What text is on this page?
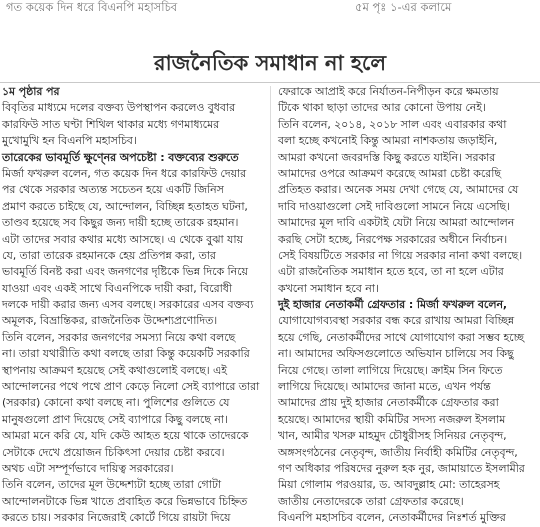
গত কয়েক দিন ধরে বিএনপি মহাসচিব	৫ম পৃঃ ১-এর কলামে
রাজনৈতিক সমাধান না হলে

১ম পৃষ্ঠার পর

বিবৃতির মাধ্যমে দলের বক্তব্য উপস্থাপন করলেও বুধবার

কারফিউ সাত ঘণ্টা শিথিল থাকার মধ্যে গণমাধ্যমের

মুখোমুখি হন বিএনপি মহাসচিব।

তারেকের ভাবমূর্তি ক্ষুণ্নের অপচেষ্টা : বক্তব্যের শুরুতে

মির্জা ফখরুল বলেন, গত কয়েক দিন ধরে কারফিউ দেয়ার

পর থেকে সরকার অত্যন্ত সচেতন হয়ে একটি জিনিস

প্রমাণ করতে চাইছে যে, আন্দোলন, বিচ্ছিন্ন হতাহত ঘটনা,

তাণ্ডব হয়েছে সব কিছুর জন্য দায়ী হচ্ছে তারেক রহমান।

এটা তাদের সবার কথার মধ্যে আসছে। এ থেকে বুঝা যায়

যে, তারা তারেক রহমানকে হেয় প্রতিপন্ন করা, তার

ভাবমূর্তি বিনষ্ট করা এবং জনগণের দৃষ্টিকে ভিন্ন দিকে নিয়ে

যাওয়া এবং একই সাথে বিএনপিকে দায়ী করা, বিরোধী

দলকে দায়ী করার জন্য এসব বলছে। সরকারের এসব বক্তব্য

অমূলক, বিভ্রান্তিকর, রাজনৈতিক উদ্দেশ্যপ্রণোদিত।

তিনি বলেন, সরকার জনগণের সমস্যা নিয়ে কথা বলছে

না। তারা যথারীতি কথা বলছে তারা কিন্তু কয়েকটি সরকারি

স্থাপনায় আক্রমণ হয়েছে সেই কথাগুলোই বলছে। এই

আন্দোলনের পথে পথে প্রাণ কেড়ে নিলো সেই ব্যাপারে তারা

(সরকার) কোনো কথা বলছে না। পুলিশের গুলিতে যে

মানুষগুলো প্রাণ দিয়েছে সেই ব্যাপারে কিছু বলছে না।

আমরা মনে করি যে, যদি কেউ আহত হয়ে থাকে তাদেরকে

সেটাকে দেখে প্রয়োজন চিকিৎসা দেয়ার চেষ্টা করবে।

অথচ এটা সম্পূর্ণভাবে দায়িত্ব সরকারের।

তিনি বলেন, তাদের মূল উদ্দেশ্যটা হচ্ছে তারা গোটা

আন্দোলনটাকে ভিন্ন খাতে প্রবাহিত করে ভিন্নভাবে চিহ্নিত

করতে চায়। সরকার নিজেরাই কোর্টে গিয়ে রায়টা দিয়ে

ফেরাকে আপ্রাই করে নির্যাতন-নিপীড়ন করে ক্ষমতায়

টিকে থাকা ছাড়া তাদের আর কোনো উপায় নেই।

তিনি বলেন, ২০১৪, ২০১৮ সাল এবং এবারকার কথা

বলা হচ্ছে কখনোই কিন্তু আমরা নাশকতায় জড়াইনি,

আমরা কখনো জবরদস্তি কিছু করতে যাইনি। সরকার

আমাদের ওপরে আক্রমণ করেছে আমরা চেষ্টা করেছি

প্রতিহত করার। অনেক সময় দেখা গেছে যে, আমাদের যে

দাবি দাওয়াগুলো সেই দাবিগুলো সামনে নিয়ে এসেছি।

আমাদের মূল দাবি একটাই যেটা নিয়ে আমরা আন্দোলন

করছি সেটা হচ্ছে, নিরপেক্ষ সরকারের অধীনে নির্বাচন।

সেই বিষয়টিতে সরকার না গিয়ে সরকার নানা কথা বলছে।

এটা রাজনৈতিক সমাধান হতে হবে, তা না হলে এটার

কখনো সমাধান হবে না।

দুই হাজার নেতাকর্মী গ্রেফতার : মির্জা ফখরুল বলেন,

যোগাযোগব্যবস্থা সরকার বন্ধ করে রাখায় আমরা বিচ্ছিন্ন

হয়ে গেছি, নেতাকর্মীদের সাথে যোগাযোগ করা সম্ভব হচ্ছে

না। আমাদের অফিসগুলোতে অভিযান চালিয়ে সব কিছু

নিয়ে গেছে। তালা লাগিয়ে দিয়েছে। ক্রাইম সিন ফিতে

লাগিয়ে দিয়েছে। আমাদের জানা মতে, এখন পর্যন্ত

আমাদের প্রায় দুই হাজার নেতাকর্মীকে গ্রেফতার করা

হয়েছে। আমাদের স্থায়ী কমিটির সদস্য নজরুল ইসলাম

খান, আমীর খসরু মাহমুদ চৌধুরীসহ সিনিয়র নেতৃবৃন্দ,

অঙ্গসংগঠনের নেতৃবৃন্দ, জাতীয় নির্বাহী কমিটির নেতৃবৃন্দ,

গণ অধিকার পরিষদের নুরুল হক নুর, জামায়াতে ইসলামীর

মিয়া গোলাম পরওয়ার, ড. আবদুল্লাহ মো: তাহেরসহ

জাতীয় নেতাদেরকে তারা গ্রেফতার করেছে।

বিএনপি মহাসচিব বলেন, নেতাকর্মীদের নিঃশর্ত মুক্তির
